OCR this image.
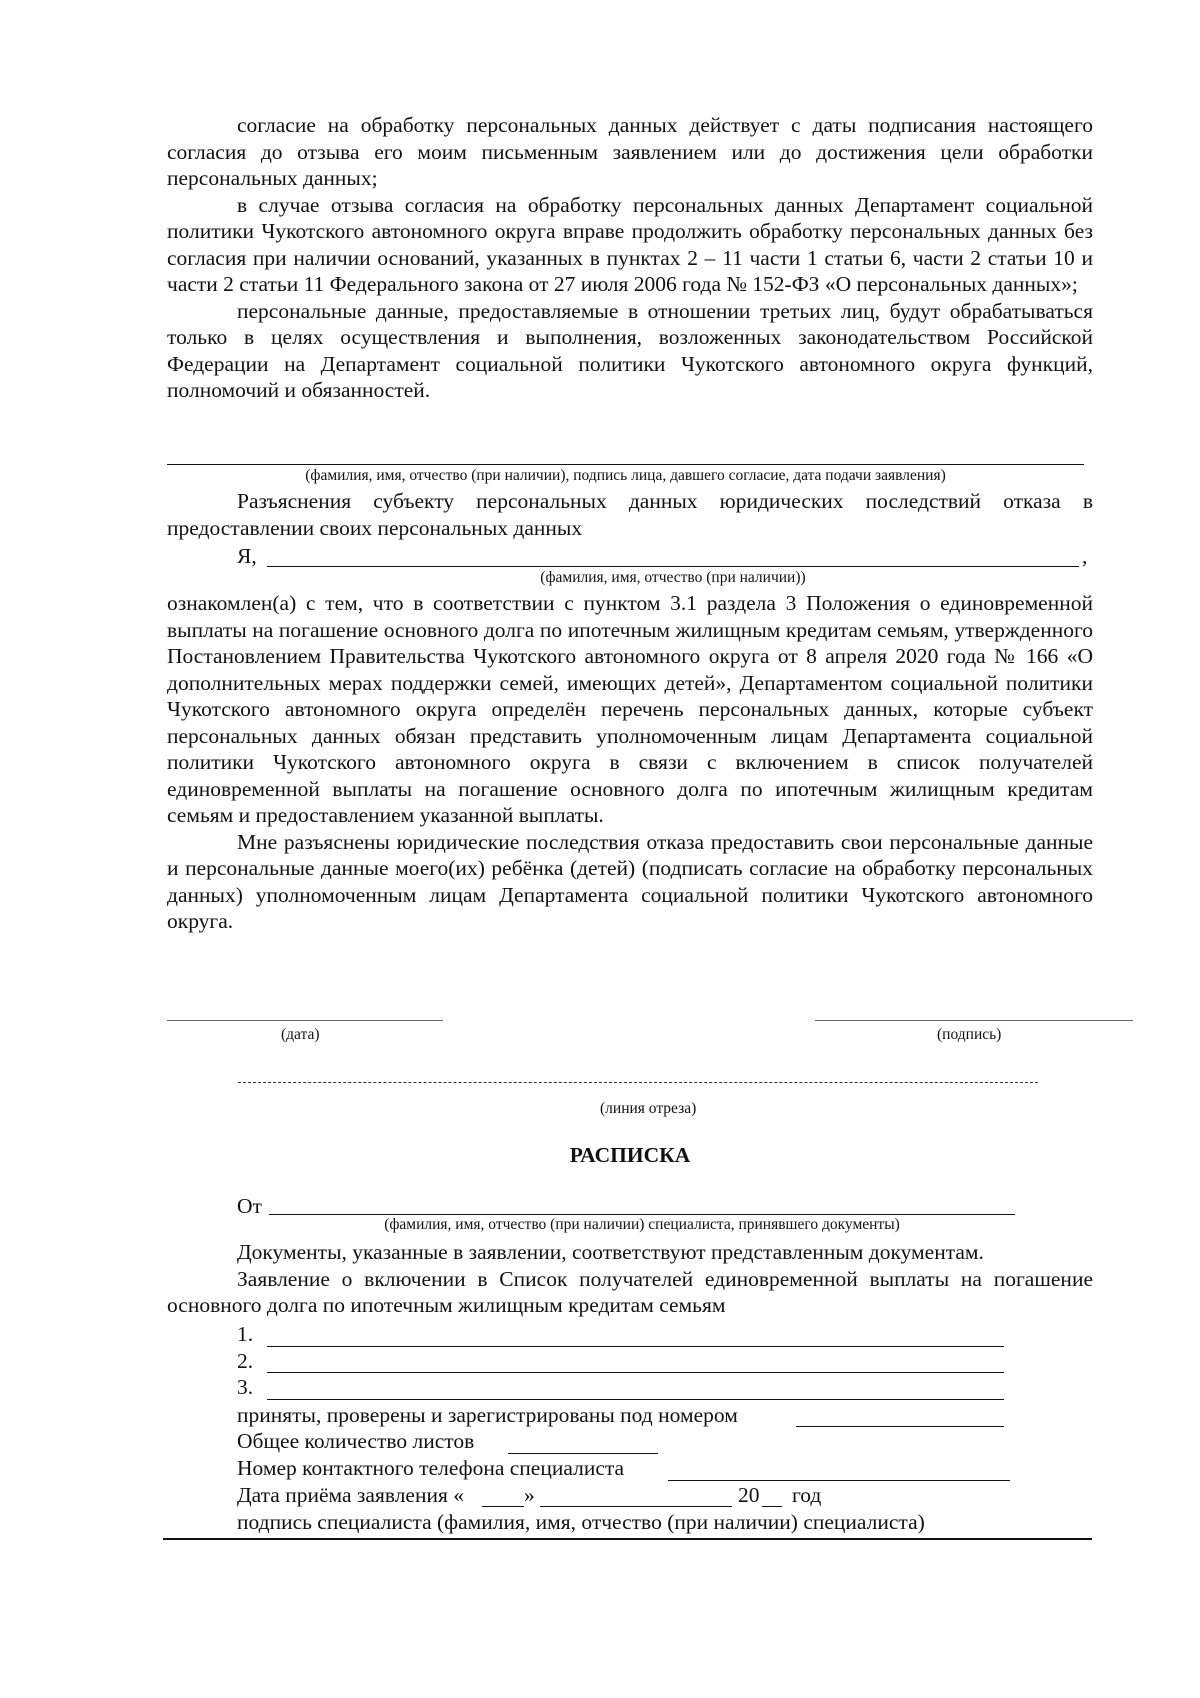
согласие на обработку персональных данных действует с даты подписания настоящего согласия до отзыва его моим письменным заявлением или до достижения цели обработки персональных данных;

в случае отзыва согласия на обработку персональных данных Департамент социальной политики Чукотского автономного округа вправе продолжить обработку персональных данных без согласия при наличии оснований, указанных в пунктах 2 – 11 части 1 статьи 6, части 2 статьи 10 и части 2 статьи 11 Федерального закона от 27 июля 2006 года № 152-ФЗ «О персональных данных»;

персональные данные, предоставляемые в отношении третьих лиц, будут обрабатываться только в целях осуществления и выполнения, возложенных законодательством Российской Федерации на Департамент социальной политики Чукотского автономного округа функций, полномочий и обязанностей.

(фамилия, имя, отчество (при наличии), подпись лица, давшего согласие, дата подачи заявления)

Разъяснения субъекту персональных данных юридических последствий отказа в предоставлении своих персональных данных

Я,	,
(фамилия, имя, отчество (при наличии))

ознакомлен(а) с тем, что в соответствии с пунктом 3.1 раздела 3 Положения о единовременной выплаты на погашение основного долга по ипотечным жилищным кредитам семьям, утвержденного Постановлением Правительства Чукотского автономного округа от 8 апреля 2020 года № 166 «О дополнительных мерах поддержки семей, имеющих детей», Департаментом социальной политики Чукотского автономного округа определён перечень персональных данных, которые субъект персональных данных обязан представить уполномоченным лицам Департамента социальной политики Чукотского автономного округа в связи с включением в список получателей единовременной выплаты на погашение основного долга по ипотечным жилищным кредитам семьям и предоставлением указанной выплаты.

Мне разъяснены юридические последствия отказа предоставить свои персональные данные и персональные данные моего(их) ребёнка (детей) (подписать согласие на обработку персональных данных) уполномоченным лицам Департамента социальной политики Чукотского автономного округа.

(дата)	(подпись)
(линия отреза)
РАСПИСКА
От
(фамилия, имя, отчество (при наличии) специалиста, принявшего документы)

Документы, указанные в заявлении, соответствуют представленным документам.

Заявление о включении в Список получателей единовременной выплаты на погашение основного долга по ипотечным жилищным кредитам семьям

1.
2.
3.
приняты, проверены и зарегистрированы под номером
Общее количество листов
Номер контактного телефона специалиста
Дата приёма заявления «	»	20 год
подпись специалиста (фамилия, имя, отчество (при наличии) специалиста)
